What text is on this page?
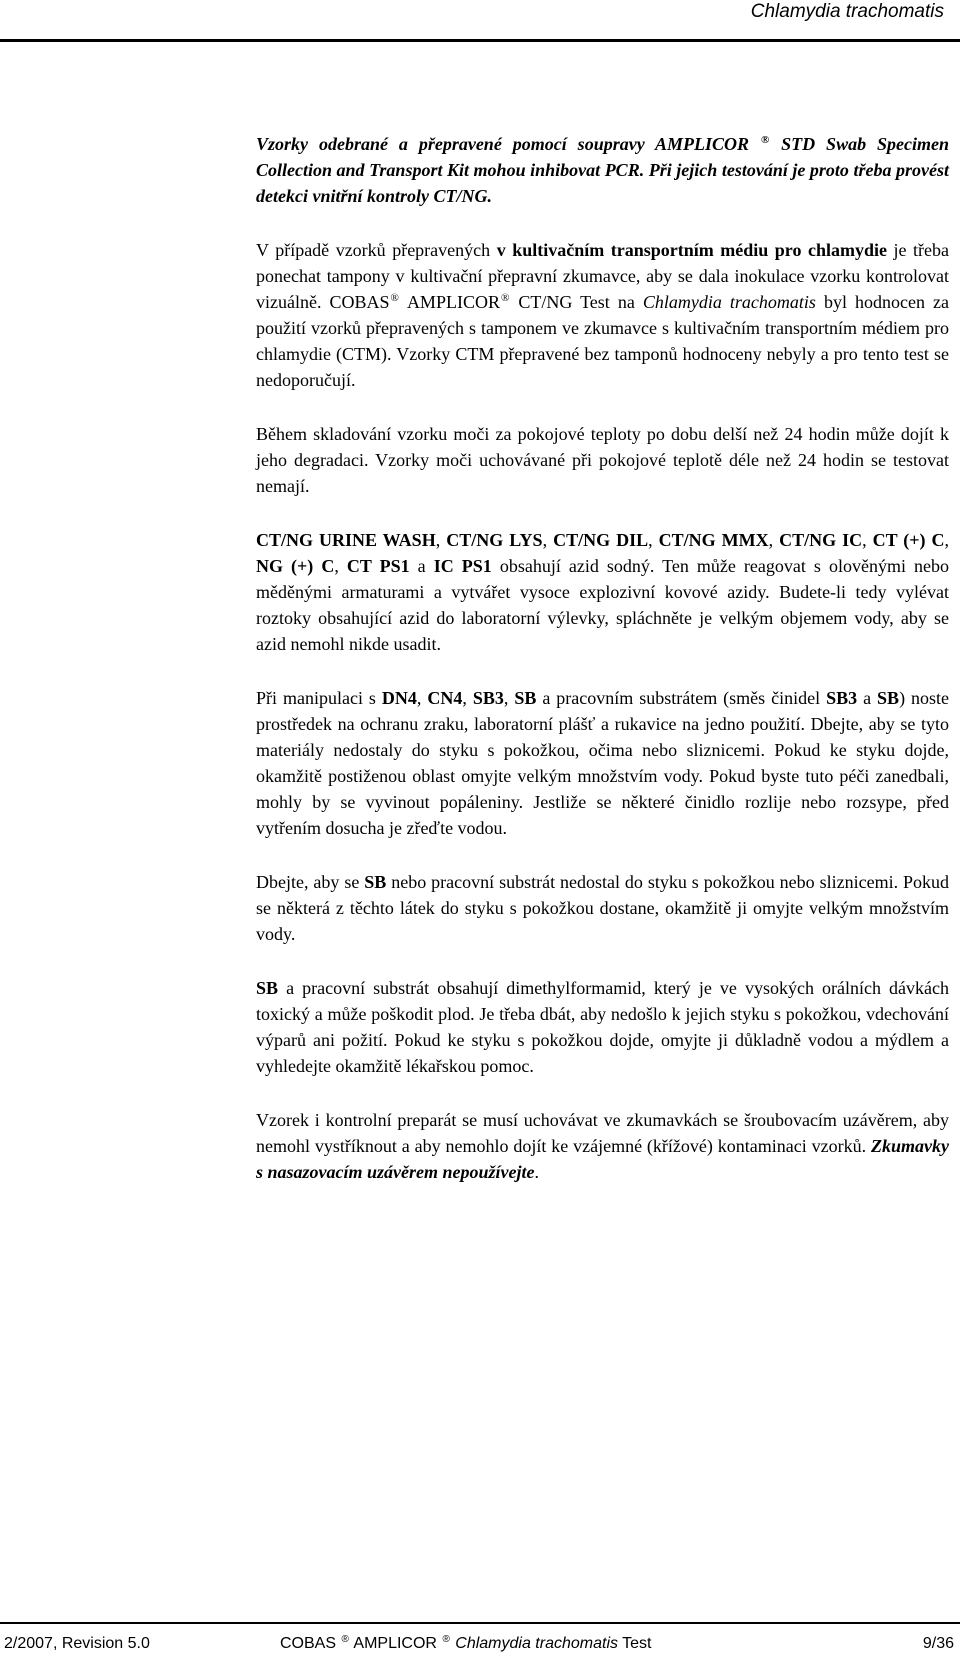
Chlamydia trachomatis

Vzorky odebrané a přepravené pomocí soupravy AMPLICOR ® STD Swab Specimen Collection and Transport Kit mohou inhibovat PCR. Při jejich testování je proto třeba provést detekci vnitřní kontroly CT/NG.

V případě vzorků přepravených v kultivačním transportním médiu pro chlamydie je třeba ponechat tampony v kultivační přepravní zkumavce, aby se dala inokulace vzorku kontrolovat vizuálně. COBAS® AMPLICOR® CT/NG Test na Chlamydia trachomatis byl hodnocen za použití vzorků přepravených s tamponem ve zkumavce s kultivačním transportním médiem pro chlamydie (CTM). Vzorky CTM přepravené bez tamponů hodnoceny nebyly a pro tento test se nedoporučují.

Během skladování vzorku moči za pokojové teploty po dobu delší než 24 hodin může dojít k jeho degradaci. Vzorky moči uchovávané při pokojové teplotě déle než 24 hodin se testovat nemají.

CT/NG URINE WASH, CT/NG LYS, CT/NG DIL, CT/NG MMX, CT/NG IC, CT (+) C, NG (+) C, CT PS1 a IC PS1 obsahují azid sodný. Ten může reagovat s olověnými nebo měděnými armaturami a vytvářet vysoce explozivní kovové azidy. Budete-li tedy vylévat roztoky obsahující azid do laboratorní výlevky, spláchněte je velkým objemem vody, aby se azid nemohl nikde usadit.

Při manipulaci s DN4, CN4, SB3, SB a pracovním substrátem (směs činidel SB3 a SB) noste prostředek na ochranu zraku, laboratorní plášť a rukavice na jedno použití. Dbejte, aby se tyto materiály nedostaly do styku s pokožkou, očima nebo sliznicemi. Pokud ke styku dojde, okamžitě postiženou oblast omyjte velkým množstvím vody. Pokud byste tuto péči zanedbali, mohly by se vyvinout popáleniny. Jestliže se některé činidlo rozlije nebo rozsype, před vytřením dosucha je zřeďte vodou.

Dbejte, aby se SB nebo pracovní substrát nedostal do styku s pokožkou nebo sliznicemi. Pokud se některá z těchto látek do styku s pokožkou dostane, okamžitě ji omyjte velkým množstvím vody.

SB a pracovní substrát obsahují dimethylformamid, který je ve vysokých orálních dávkách toxický a může poškodit plod. Je třeba dbát, aby nedošlo k jejich styku s pokožkou, vdechování výparů ani požití. Pokud ke styku s pokožkou dojde, omyjte ji důkladně vodou a mýdlem a vyhledejte okamžitě lékařskou pomoc.

Vzorek i kontrolní preparát se musí uchovávat ve zkumavkách se šroubovacím uzávěrem, aby nemohl vystříknout a aby nemohlo dojít ke vzájemné (křížové) kontaminaci vzorků. Zkumavky s nasazovacím uzávěrem nepoužívejte.

2/2007, Revision 5.0	COBAS ® AMPLICOR ® Chlamydia trachomatis Test	9/36
